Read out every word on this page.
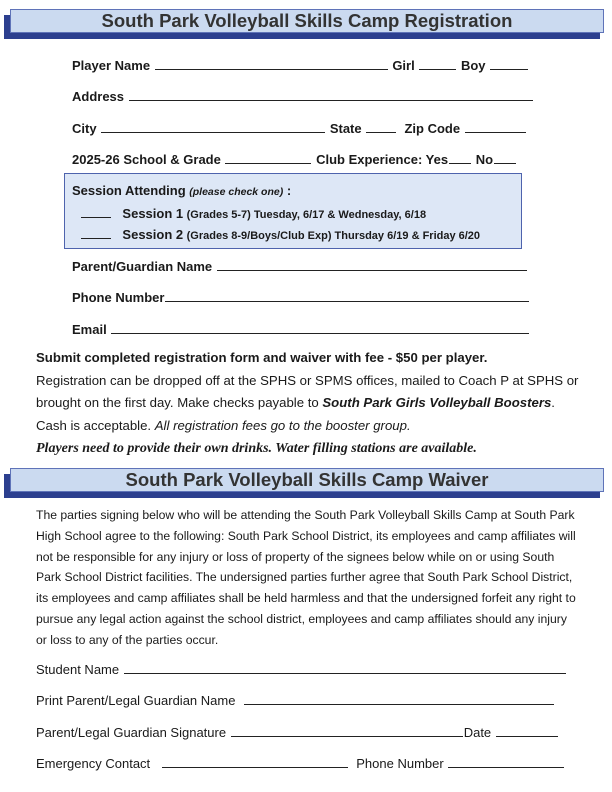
South Park Volleyball Skills Camp Registration
Player Name	Girl	Boy
Address
City	State	Zip Code
2025-26 School & Grade	Club Experience: Yes No
Session Attending (please check one) :
Session 1 (Grades 5-7) Tuesday, 6/17 & Wednesday, 6/18
Session 2 (Grades 8-9/Boys/Club Exp) Thursday 6/19 & Friday 6/20
Parent/Guardian Name
Phone Number
Email
Submit completed registration form and waiver with fee - $50 per player.
Registration can be dropped off at the SPHS or SPMS offices, mailed to Coach P at SPHS or brought on the first day. Make checks payable to South Park Girls Volleyball Boosters. Cash is acceptable. All registration fees go to the booster group.
Players need to provide their own drinks. Water filling stations are available.
South Park Volleyball Skills Camp Waiver
The parties signing below who will be attending the South Park Volleyball Skills Camp at South Park High School agree to the following: South Park School District, its employees and camp affiliates will not be responsible for any injury or loss of property of the signees below while on or using South Park School District facilities. The undersigned parties further agree that South Park School District, its employees and camp affiliates shall be held harmless and that the undersigned forfeit any right to pursue any legal action against the school district, employees and camp affiliates should any injury or loss to any of the parties occur.
Student Name
Print Parent/Legal Guardian Name
Parent/Legal Guardian Signature	Date
Emergency Contact	Phone Number
